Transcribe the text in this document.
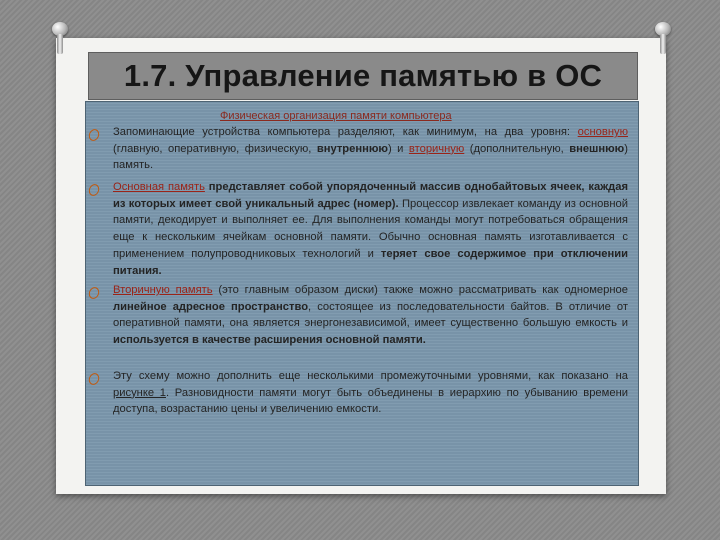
1.7. Управление памятью в ОС
Физическая организация памяти компьютера
Запоминающие устройства компьютера разделяют, как минимум, на два уровня: основную (главную, оперативную, физическую, внутреннюю) и вторичную (дополнительную, внешнюю) память.
Основная память представляет собой упорядоченный массив однобайтовых ячеек, каждая из которых имеет свой уникальный адрес (номер). Процессор извлекает команду из основной памяти, декодирует и выполняет ее. Для выполнения команды могут потребоваться обращения еще к нескольким ячейкам основной памяти. Обычно основная память изготавливается с применением полупроводниковых технологий и теряет свое содержимое при отключении питания.
Вторичную память (это главным образом диски) также можно рассматривать как одномерное линейное адресное пространство, состоящее из последовательности байтов. В отличие от оперативной памяти, она является энергонезависимой, имеет существенно большую емкость и используется в качестве расширения основной памяти.
Эту схему можно дополнить еще несколькими промежуточными уровнями, как показано на рисунке 1. Разновидности памяти могут быть объединены в иерархию по убыванию времени доступа, возрастанию цены и увеличению емкости.
